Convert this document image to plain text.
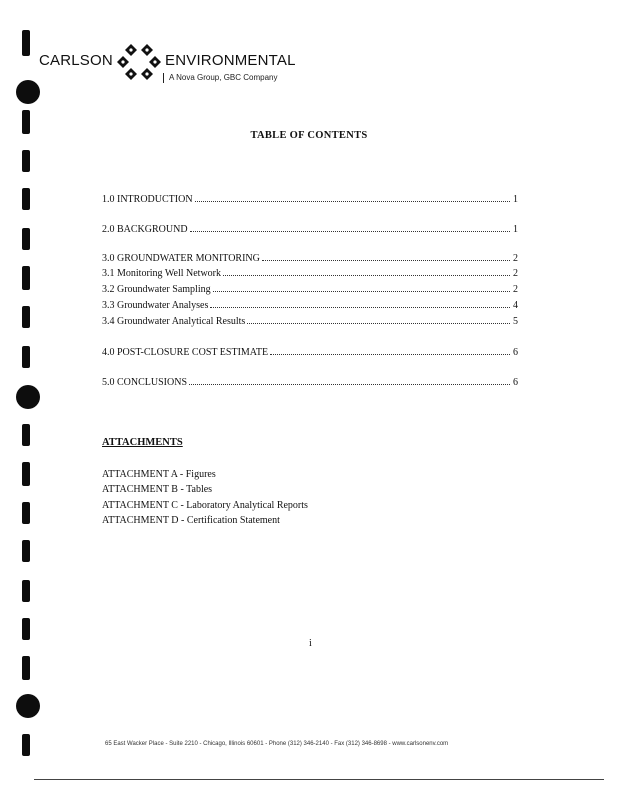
CARLSON	ENVIRONMENTAL
A Nova Group, GBC Company
TABLE OF CONTENTS
1.0 INTRODUCTION	1
2.0 BACKGROUND	1
3.0 GROUNDWATER MONITORING	2
3.1 Monitoring Well Network	2
3.2 Groundwater Sampling	2
3.3 Groundwater Analyses	4
3.4 Groundwater Analytical Results	5
4.0 POST-CLOSURE COST ESTIMATE	6
5.0 CONCLUSIONS	6
ATTACHMENTS
ATTACHMENT A - Figures
ATTACHMENT B - Tables
ATTACHMENT C - Laboratory Analytical Reports
ATTACHMENT D - Certification Statement
i
65 East Wacker Place - Suite 2210 - Chicago, Illinois 60601 - Phone (312) 346-2140 - Fax (312) 346-8698 - www.carlsonenv.com
